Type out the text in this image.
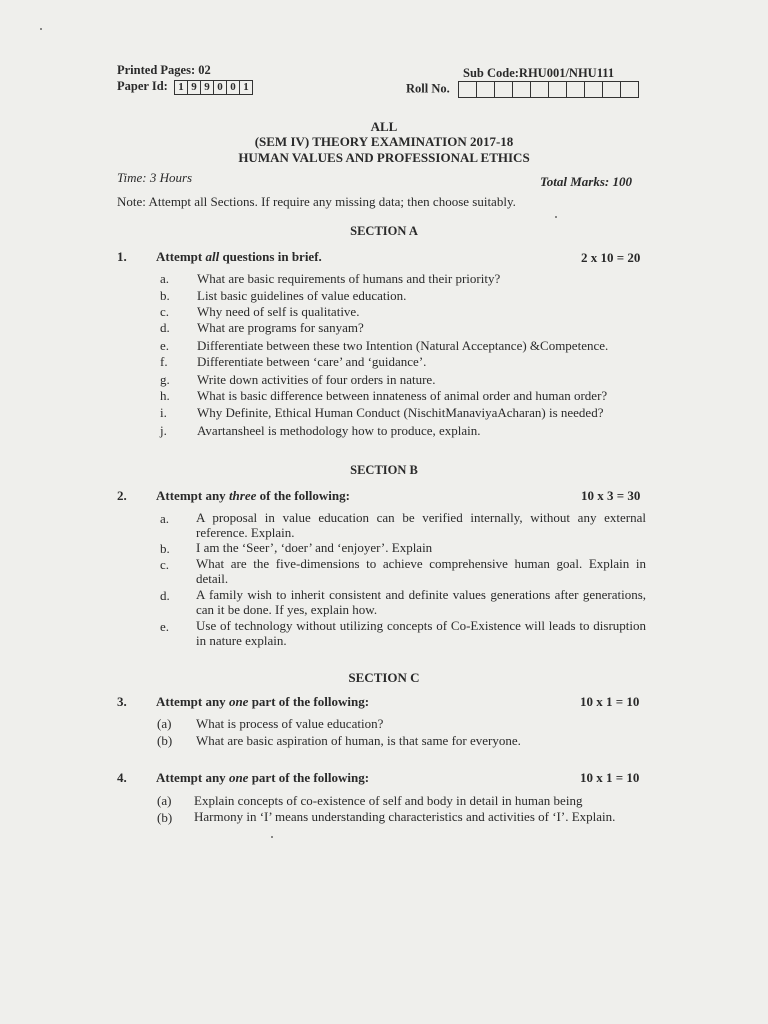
Printed Pages: 02
Paper Id: 1 9 9 0 0 1
Sub Code:RHU001/NHU111
Roll No.
ALL
(SEM IV) THEORY EXAMINATION 2017-18
HUMAN VALUES AND PROFESSIONAL ETHICS
Time: 3 Hours	Total Marks: 100
Note: Attempt all Sections. If require any missing data; then choose suitably.
SECTION A
1. Attempt all questions in brief.	2 x 10 = 20
a. What are basic requirements of humans and their priority?
b. List basic guidelines of value education.
c. Why need of self is qualitative.
d. What are programs for sanyam?
e. Differentiate between these two Intention (Natural Acceptance) &Competence.
f. Differentiate between ‘care’ and ‘guidance’.
g. Write down activities of four orders in nature.
h. What is basic difference between innateness of animal order and human order?
i. Why Definite, Ethical Human Conduct (NischitManaviyaAcharan) is needed?
j. Avartansheel is methodology how to produce, explain.
SECTION B
2. Attempt any three of the following:	10 x 3 = 30
a. A proposal in value education can be verified internally, without any external reference. Explain.
b. I am the ‘Seer’, ‘doer’ and ‘enjoyer’. Explain
c. What are the five-dimensions to achieve comprehensive human goal. Explain in detail.
d. A family wish to inherit consistent and definite values generations after generations, can it be done. If yes, explain how.
e. Use of technology without utilizing concepts of Co-Existence will leads to disruption in nature explain.
SECTION C
3. Attempt any one part of the following:	10 x 1 = 10
(a) What is process of value education?
(b) What are basic aspiration of human, is that same for everyone.
4. Attempt any one part of the following:	10 x 1 = 10
(a) Explain concepts of co-existence of self and body in detail in human being
(b) Harmony in ‘I’ means understanding characteristics and activities of ‘I’. Explain.
